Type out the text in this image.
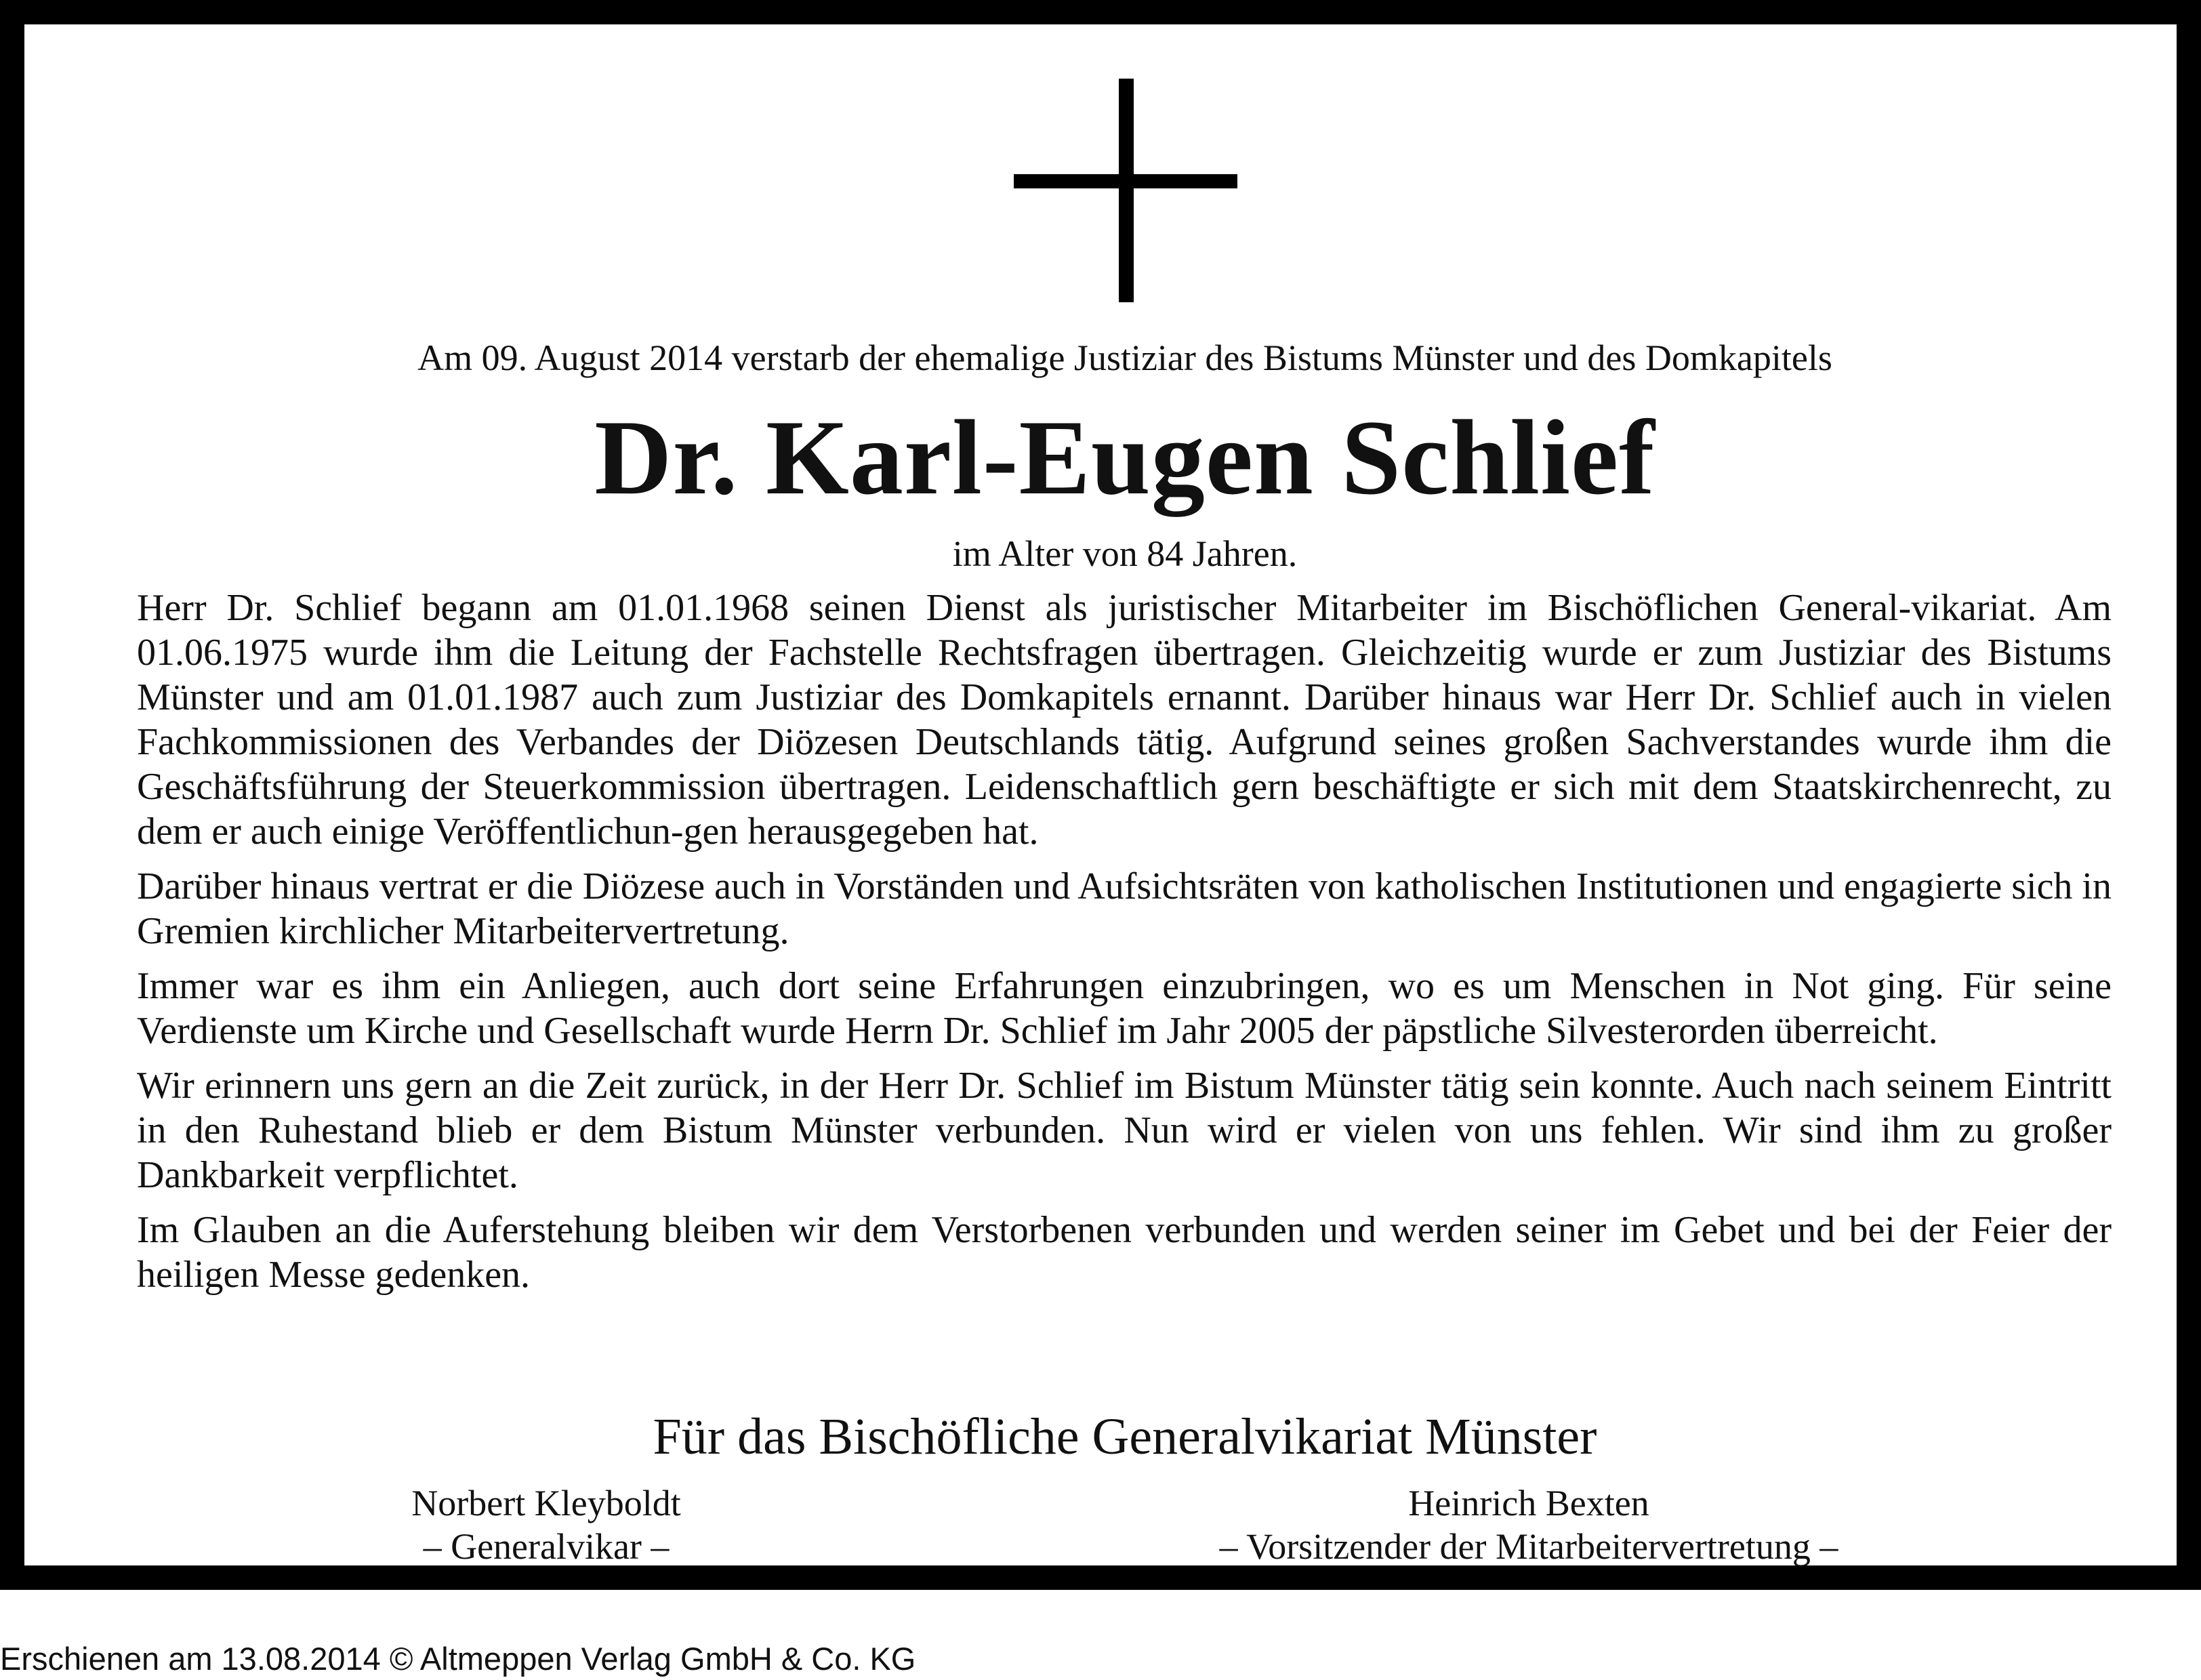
Am 09. August 2014 verstarb der ehemalige Justiziar des Bistums Münster und des Domkapitels
Dr. Karl-Eugen Schlief
im Alter von 84 Jahren.

Herr Dr. Schlief begann am 01.01.1968 seinen Dienst als juristischer Mitarbeiter im Bischöflichen General-vikariat. Am 01.06.1975 wurde ihm die Leitung der Fachstelle Rechtsfragen übertragen. Gleichzeitig wurde er zum Justiziar des Bistums Münster und am 01.01.1987 auch zum Justiziar des Domkapitels ernannt. Darüber hinaus war Herr Dr. Schlief auch in vielen Fachkommissionen des Verbandes der Diözesen Deutschlands tätig. Aufgrund seines großen Sachverstandes wurde ihm die Geschäftsführung der Steuerkommission übertragen. Leidenschaftlich gern beschäftigte er sich mit dem Staatskirchenrecht, zu dem er auch einige Veröffentlichun-gen herausgegeben hat.

Darüber hinaus vertrat er die Diözese auch in Vorständen und Aufsichtsräten von katholischen Institutionen und engagierte sich in Gremien kirchlicher Mitarbeitervertretung.

Immer war es ihm ein Anliegen, auch dort seine Erfahrungen einzubringen, wo es um Menschen in Not ging. Für seine Verdienste um Kirche und Gesellschaft wurde Herrn Dr. Schlief im Jahr 2005 der päpstliche Silvesterorden überreicht.

Wir erinnern uns gern an die Zeit zurück, in der Herr Dr. Schlief im Bistum Münster tätig sein konnte. Auch nach seinem Eintritt in den Ruhestand blieb er dem Bistum Münster verbunden. Nun wird er vielen von uns fehlen. Wir sind ihm zu großer Dankbarkeit verpflichtet.

Im Glauben an die Auferstehung bleiben wir dem Verstorbenen verbunden und werden seiner im Gebet und bei der Feier der heiligen Messe gedenken.

Für das Bischöfliche Generalvikariat Münster
Norbert Kleyboldt
– Generalvikar –
Heinrich Bexten
– Vorsitzender der Mitarbeitervertretung –
Erschienen am 13.08.2014 © Altmeppen Verlag GmbH & Co. KG
